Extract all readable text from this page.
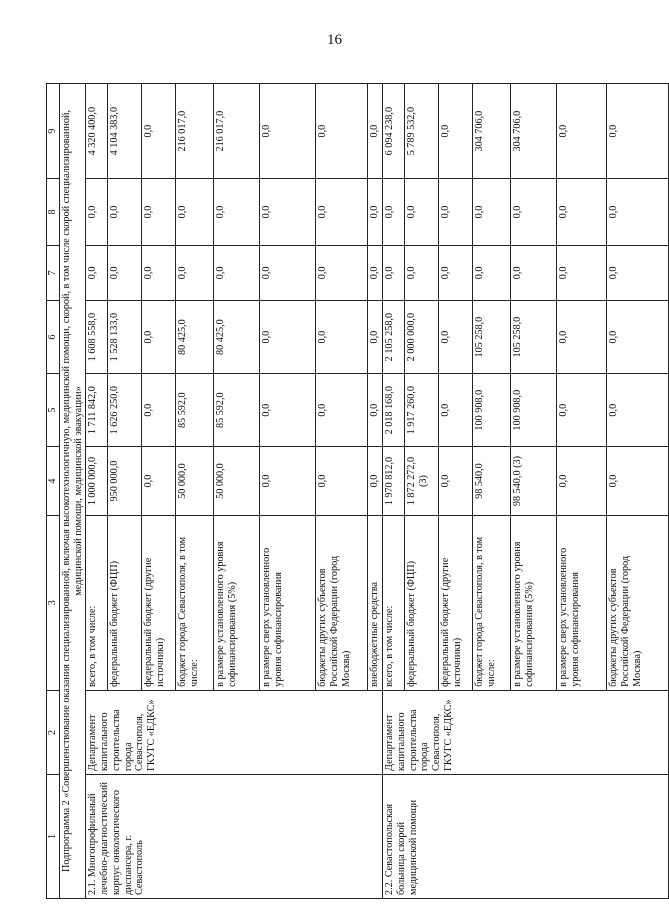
16
1	2	3	4	5	6	7	8	9
Подпрограмма 2 «Совершенствование оказания специализированной, включая высокотехнологичную, медицинской помощи, скорой, в том числе скорой специализированной, медицинской помощи, медицинской эвакуации»								
2.1. Многопрофильный лечебно-диагностический корпус онкологического диспансера, г. Севастополь	Департамент капитального строительства города Севастополя, ГКУГС «ЕДКС»	всего, в том числе:	1 000 000,0	1 711 842,0	1 608 558,0	0,0	0,0	4 320 400,0
		федеральный бюджет (ФЦП)	950 000,0	1 626 250,0	1 528 133,0	0,0	0,0	4 104 383,0
		федеральный бюджет (другие источники)	0,0	0,0	0,0	0,0	0,0	0,0
		бюджет города Севастополя, в том числе:	50 000,0	85 592,0	80 425,0	0,0	0,0	216 017,0
		в размере установленного уровня софинансирования (5%)	50 000,0	85 592,0	80 425,0	0,0	0,0	216 017,0
		в размере сверх установленного уровня софинансирования	0,0	0,0	0,0	0,0	0,0	0,0
		бюджеты других субъектов Российской Федерации (город Москва)	0,0	0,0	0,0	0,0	0,0	0,0
		внебюджетные средства	0,0	0,0	0,0	0,0	0,0	0,0
2.2. Севастопольская больница скорой медицинской помощи	Департамент капитального строительства города Севастополя, ГКУГС «ЕДКС»	всего, в том числе:	1 970 812,0	2 018 168,0	2 105 258,0	0,0	0,0	6 094 238,0
		федеральный бюджет (ФЦП)	1 872 272,0 (3)	1 917 260,0	2 000 000,0	0,0	0,0	5 789 532,0
		федеральный бюджет (другие источники)	0,0	0,0	0,0	0,0	0,0	0,0
		бюджет города Севастополя, в том числе:	98 540,0	100 908,0	105 258,0	0,0	0,0	304 706,0
		в размере установленного уровня софинансирования (5%)	98 540,0 (3)	100 908,0	105 258,0	0,0	0,0	304 706,0
		в размере сверх установленного уровня софинансирования	0,0	0,0	0,0	0,0	0,0	0,0
		бюджеты других субъектов Российской Федерации (город Москва)	0,0	0,0	0,0	0,0	0,0	0,0
